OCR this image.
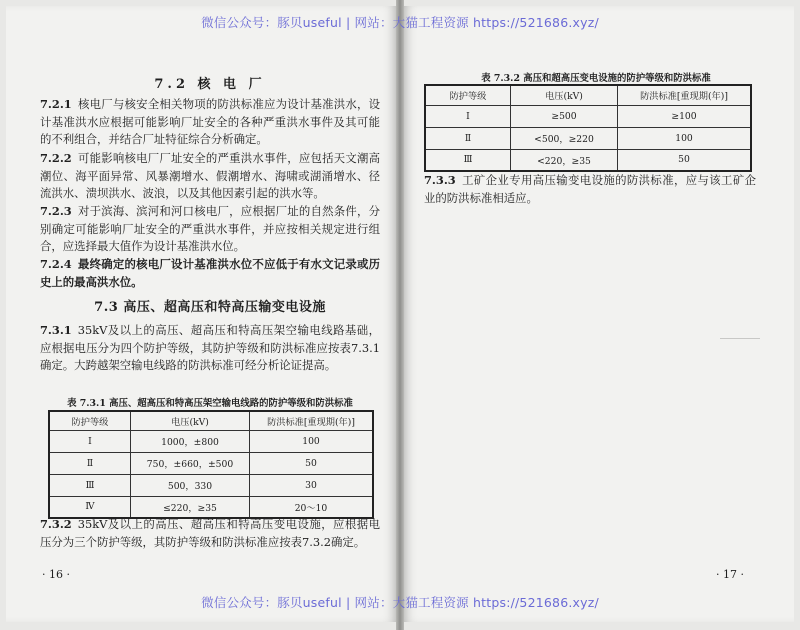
微信公众号：豚贝useful | 网站：大猫工程资源 https://521686.xyz/
微信公众号：豚贝useful | 网站：大猫工程资源 https://521686.xyz/
7.2 核 电 厂

7.2.1 核电厂与核安全相关物项的防洪标准应为设计基准洪水，设计基准洪水应根据可能影响厂址安全的各种严重洪水事件及其可能的不利组合，并结合厂址特征综合分析确定。

7.2.2 可能影响核电厂厂址安全的严重洪水事件，应包括天文潮高潮位、海平面异常、风暴潮增水、假潮增水、海啸或湖涌增水、径流洪水、溃坝洪水、波浪，以及其他因素引起的洪水等。

7.2.3 对于滨海、滨河和河口核电厂，应根据厂址的自然条件，分别确定可能影响厂址安全的严重洪水事件，并应按相关规定进行组合，应选择最大值作为设计基准洪水位。

7.2.4 最终确定的核电厂设计基准洪水位不应低于有水文记录或历史上的最高洪水位。

7.3 高压、超高压和特高压输变电设施

7.3.1 35kV及以上的高压、超高压和特高压架空输电线路基础，应根据电压分为四个防护等级，其防护等级和防洪标准应按表7.3.1确定。大跨越架空输电线路的防洪标准可经分析论证提高。

表 7.3.1 高压、超高压和特高压架空输电线路的防护等级和防洪标准
防护等级	电压(kV)	防洪标准[重现期(年)]
Ⅰ	1000，±800	100
Ⅱ	750，±660，±500	50
Ⅲ	500，330	30
Ⅳ	≤220，≥35	20～10

7.3.2 35kV及以上的高压、超高压和特高压变电设施，应根据电压分为三个防护等级，其防护等级和防洪标准应按表7.3.2确定。

· 16 ·
表 7.3.2 高压和超高压变电设施的防护等级和防洪标准
防护等级	电压(kV)	防洪标准[重现期(年)]
Ⅰ	≥500	≥100
Ⅱ	<500，≥220	100
Ⅲ	<220，≥35	50

7.3.3 工矿企业专用高压输变电设施的防洪标准，应与该工矿企业的防洪标准相适应。

· 17 ·
